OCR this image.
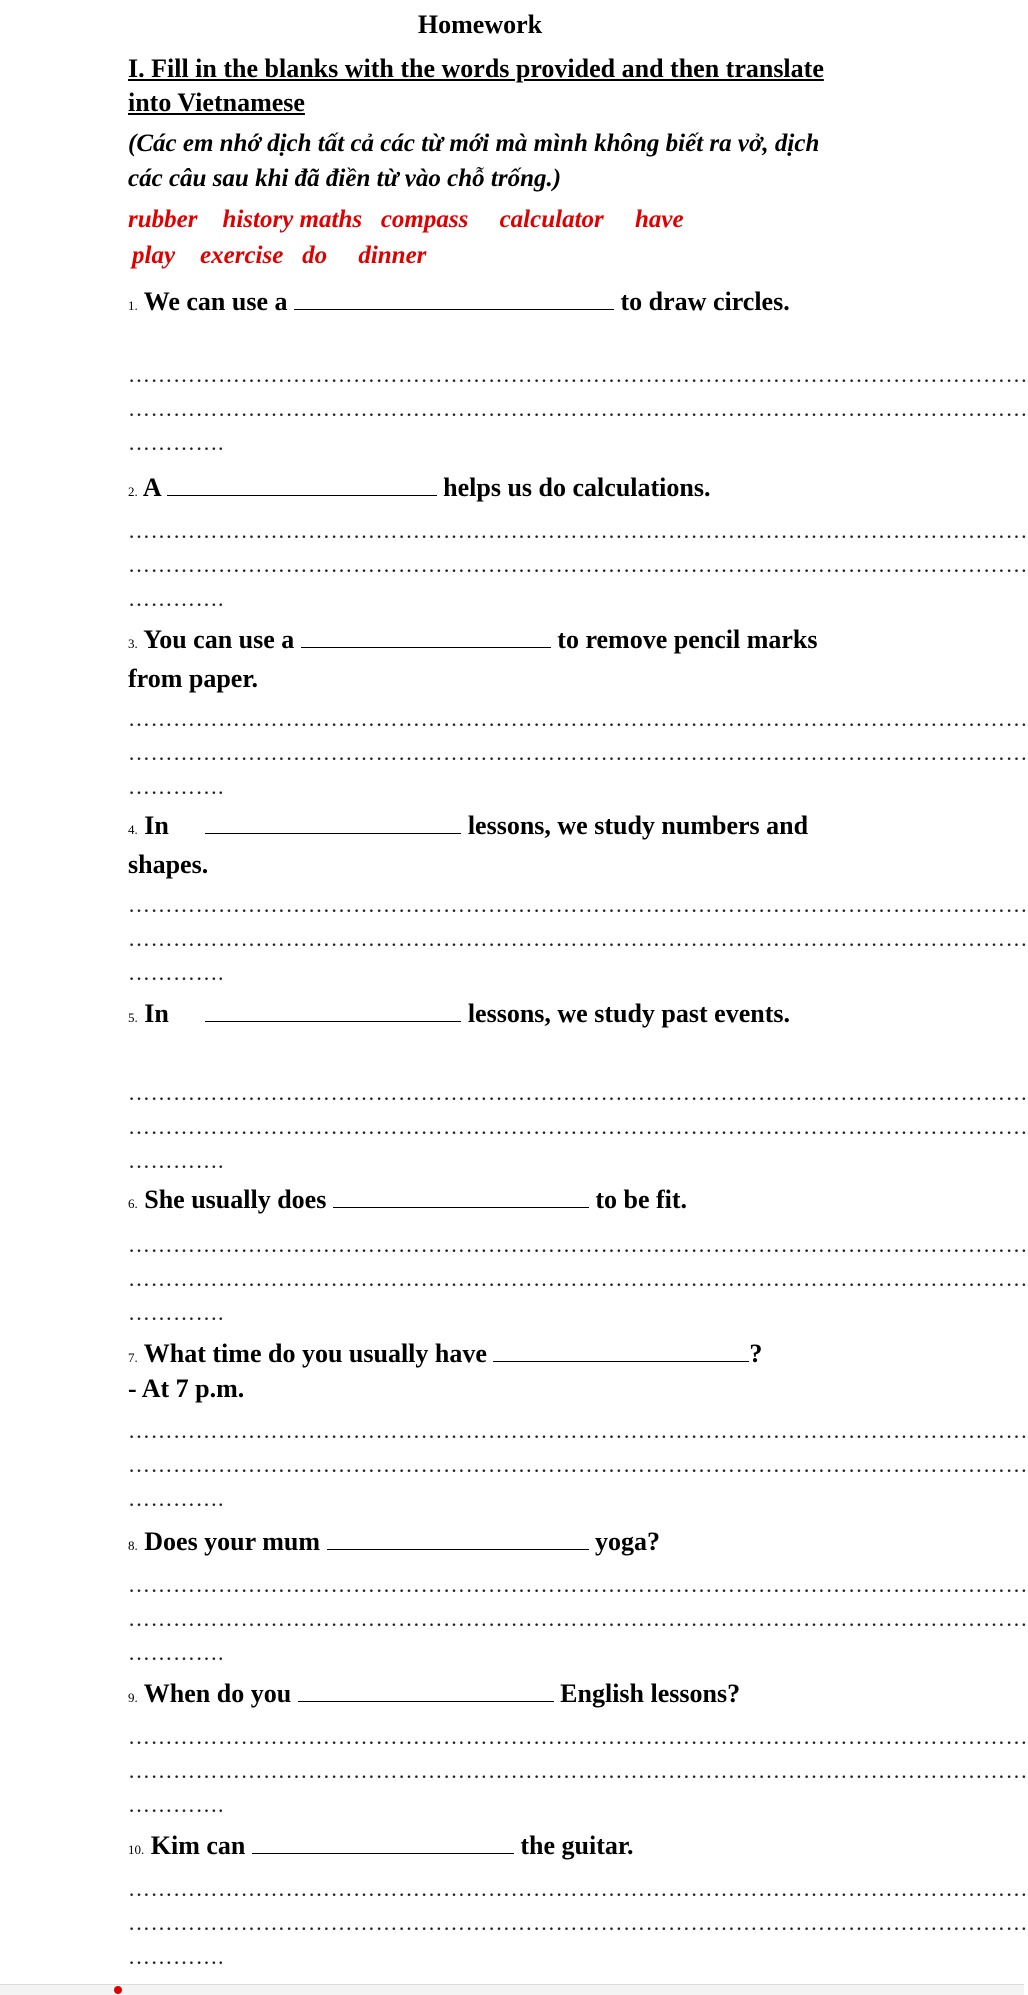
Homework
I. Fill in the blanks with the words provided and then translate into Vietnamese
(Các em nhớ dịch tất cả các từ mới mà mình không biết ra vở, dịch các câu sau khi đã điền từ vào chỗ trống.)
rubber    history maths   compass     calculator     have
play    exercise   do     dinner
1. We can use a	to draw circles.
…………………………………………………………………………………………………………
…………………………………………………………………………………………………………
………….
2. A	helps us do calculations.
…………………………………………………………………………………………………………
…………………………………………………………………………………………………………
………….
3. You can use a	to remove pencil marks from paper.
…………………………………………………………………………………………………………
…………………………………………………………………………………………………………
………….
4. In	lessons, we study numbers and shapes.
…………………………………………………………………………………………………………
…………………………………………………………………………………………………………
………….
5. In	lessons, we study past events.
…………………………………………………………………………………………………………
…………………………………………………………………………………………………………
………….
6. She usually does	to be fit.
…………………………………………………………………………………………………………
…………………………………………………………………………………………………………
………….
7. What time do you usually have	?
- At 7 p.m.
…………………………………………………………………………………………………………
…………………………………………………………………………………………………………
………….
8. Does your mum	yoga?
…………………………………………………………………………………………………………
…………………………………………………………………………………………………………
………….
9. When do you	English lessons?
…………………………………………………………………………………………………………
…………………………………………………………………………………………………………
………….
10. Kim can	the guitar.
…………………………………………………………………………………………………………
…………………………………………………………………………………………………………
………….
